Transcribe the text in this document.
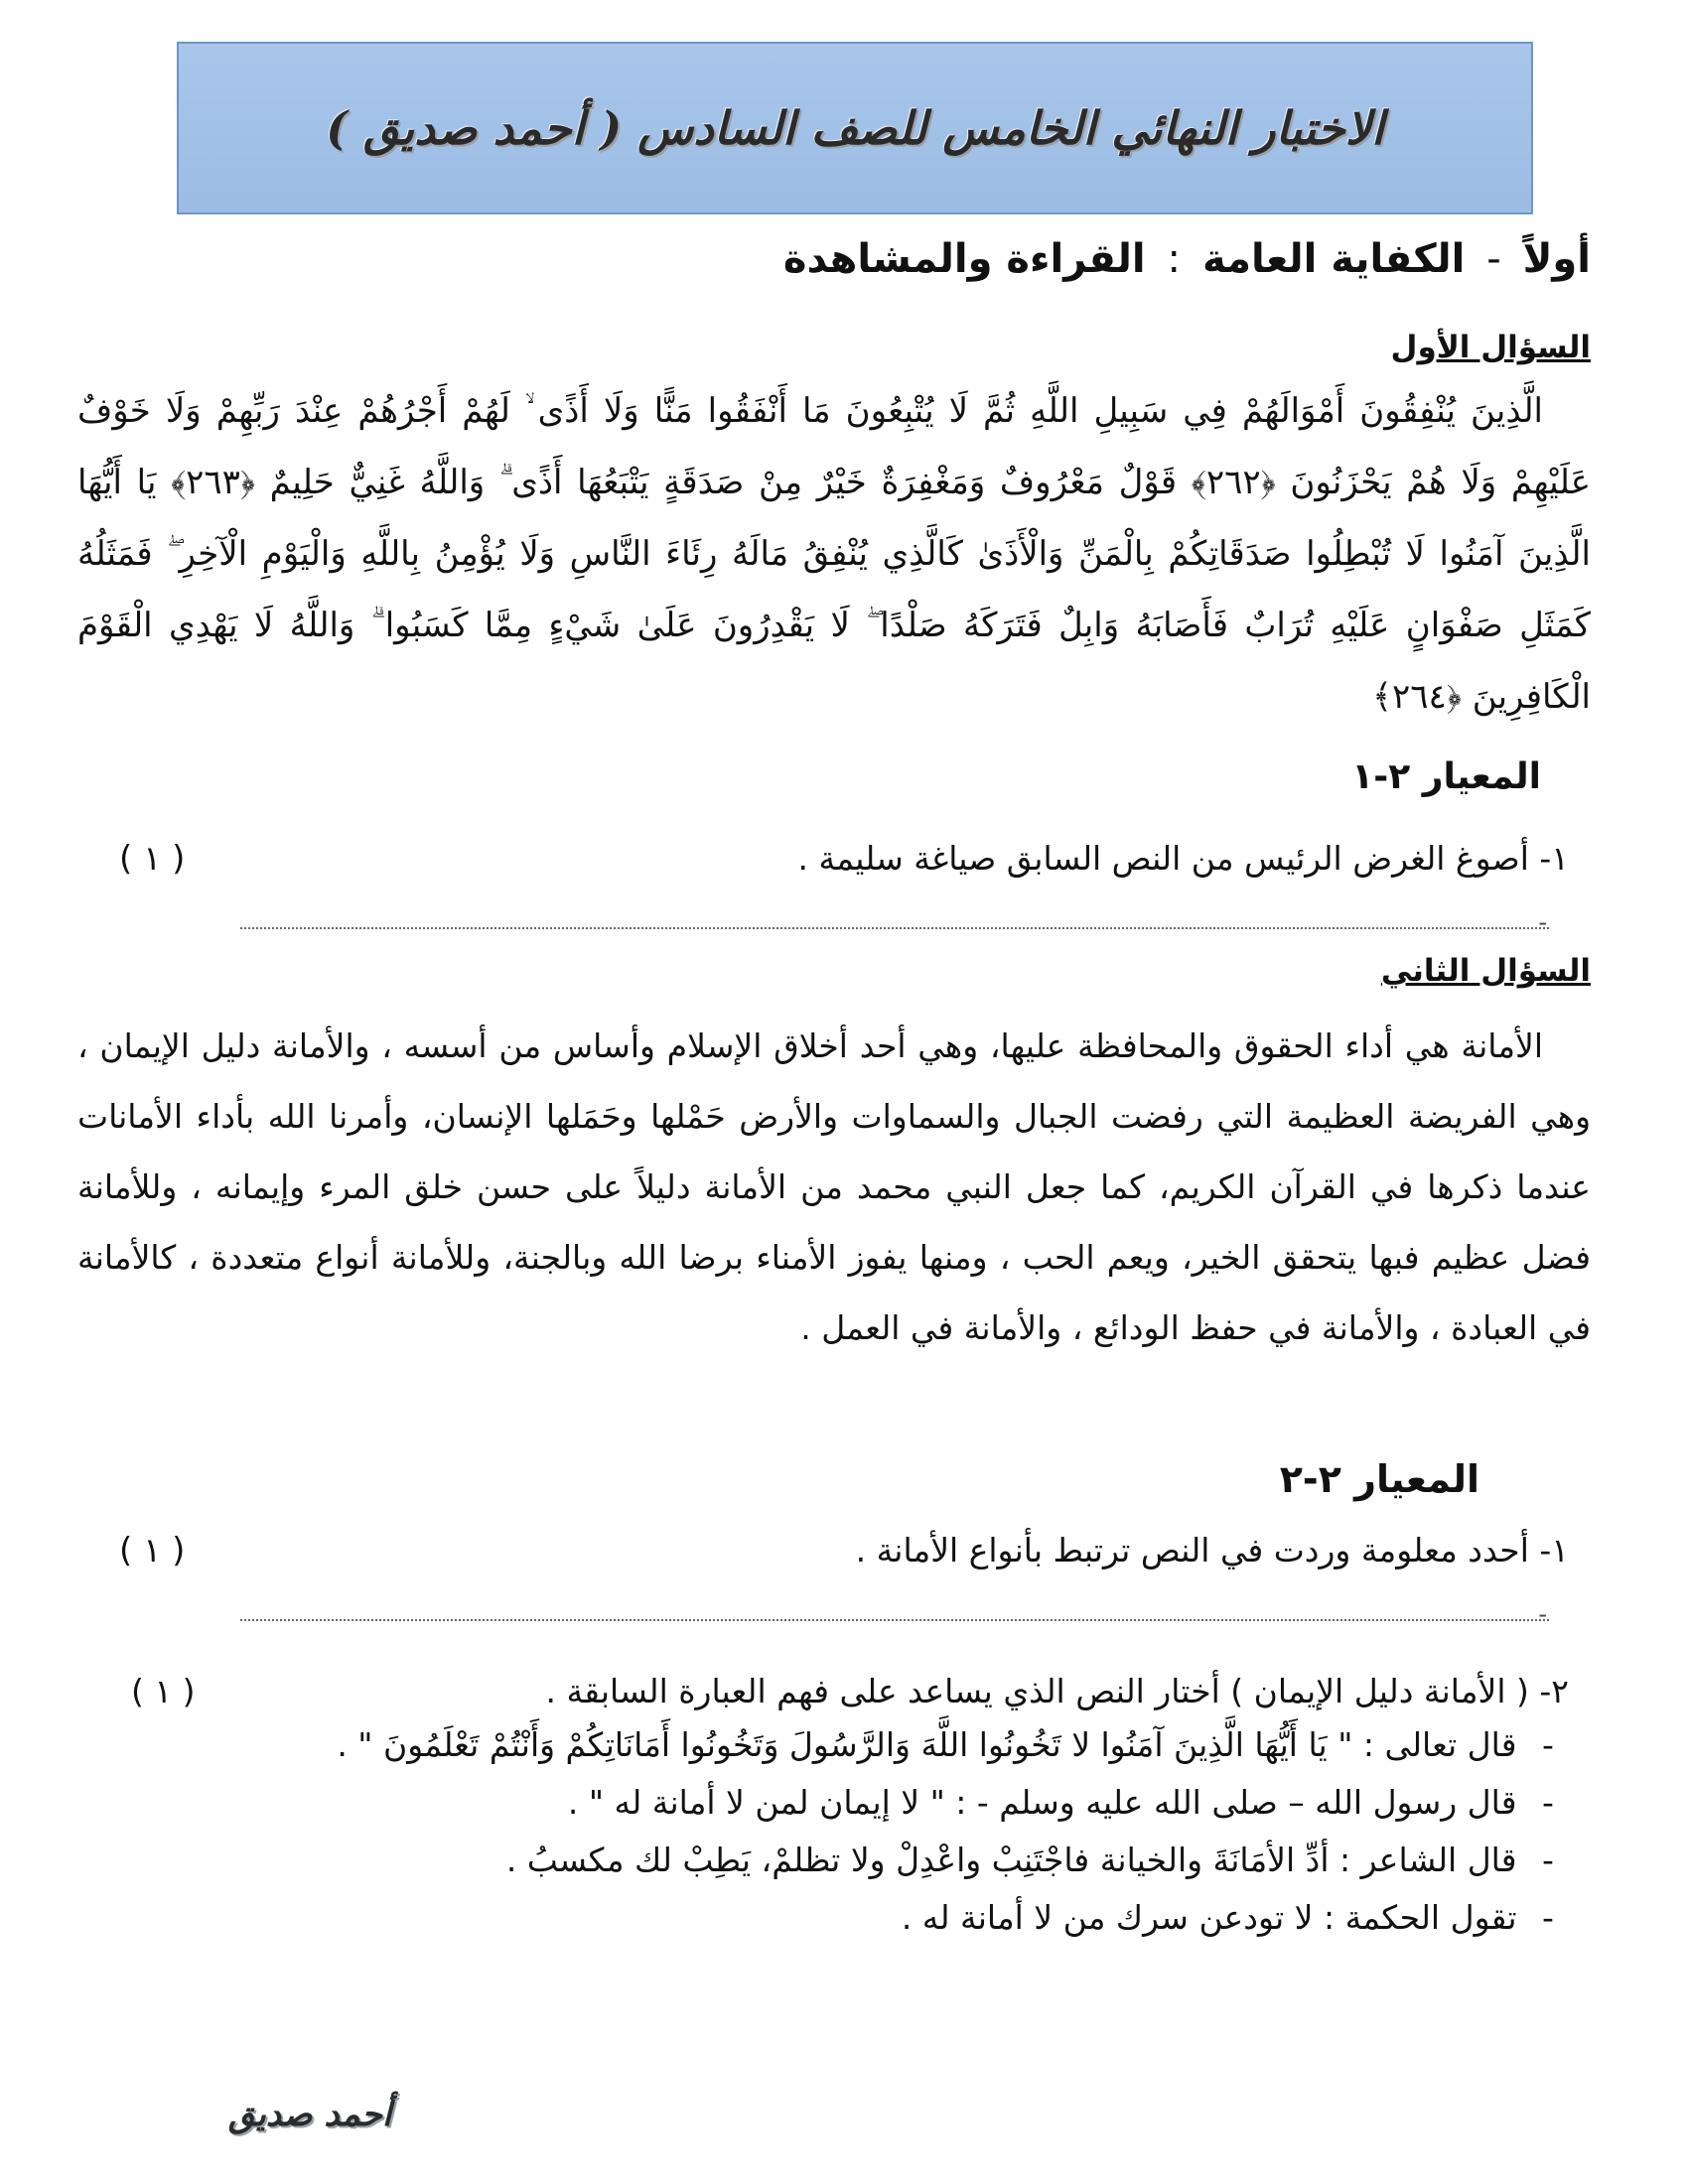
الاختبار النهائي الخامس للصف السادس ( أحمد صديق )
أولاً - الكفاية العامة : القراءة والمشاهدة
السؤال الأول
الَّذِينَ يُنْفِقُونَ أَمْوَالَهُمْ فِي سَبِيلِ اللَّهِ ثُمَّ لَا يُتْبِعُونَ مَا أَنْفَقُوا مَنًّا وَلَا أَذًى ۙ لَهُمْ أَجْرُهُمْ عِنْدَ رَبِّهِمْ وَلَا خَوْفٌ عَلَيْهِمْ وَلَا هُمْ يَحْزَنُونَ ﴿٢٦٢﴾ قَوْلٌ مَعْرُوفٌ وَمَغْفِرَةٌ خَيْرٌ مِنْ صَدَقَةٍ يَتْبَعُهَا أَذًى ۗ وَاللَّهُ غَنِيٌّ حَلِيمٌ ﴿٢٦٣﴾ يَا أَيُّهَا الَّذِينَ آمَنُوا لَا تُبْطِلُوا صَدَقَاتِكُمْ بِالْمَنِّ وَالْأَذَىٰ كَالَّذِي يُنْفِقُ مَالَهُ رِئَاءَ النَّاسِ وَلَا يُؤْمِنُ بِاللَّهِ وَالْيَوْمِ الْآخِرِ ۖ فَمَثَلُهُ كَمَثَلِ صَفْوَانٍ عَلَيْهِ تُرَابٌ فَأَصَابَهُ وَابِلٌ فَتَرَكَهُ صَلْدًا ۖ لَا يَقْدِرُونَ عَلَىٰ شَيْءٍ مِمَّا كَسَبُوا ۗ وَاللَّهُ لَا يَهْدِي الْقَوْمَ الْكَافِرِينَ ﴿٢٦٤﴾
المعيار ٢-١
١- أصوغ الغرض الرئيس من النص السابق صياغة سليمة .
( ١ )
-
السؤال الثاني
الأمانة هي أداء الحقوق والمحافظة عليها، وهي أحد أخلاق الإسلام وأساس من أسسه ، والأمانة دليل الإيمان ، وهي الفريضة العظيمة التي رفضت الجبال والسماوات والأرض حَمْلها وحَمَلها الإنسان، وأمرنا الله بأداء الأمانات عندما ذكرها في القرآن الكريم، كما جعل النبي محمد من الأمانة دليلاً على حسن خلق المرء وإيمانه ، وللأمانة فضل عظيم فبها يتحقق الخير، ويعم الحب ، ومنها يفوز الأمناء برضا الله وبالجنة، وللأمانة أنواع متعددة ، كالأمانة في العبادة ، والأمانة في حفظ الودائع ، والأمانة في العمل .
المعيار ٢-٢
١- أحدد معلومة وردت في النص ترتبط بأنواع الأمانة .
( ١ )
-
٢- ( الأمانة دليل الإيمان ) أختار النص الذي يساعد على فهم العبارة السابقة .
( ١ )
- قال تعالى : " يَا أَيُّهَا الَّذِينَ آمَنُوا لا تَخُونُوا اللَّهَ وَالرَّسُولَ وَتَخُونُوا أَمَانَاتِكُمْ وَأَنْتُمْ تَعْلَمُونَ " .
- قال رسول الله – صلى الله عليه وسلم - : " لا إيمان لمن لا أمانة له " .
- قال الشاعر : أدِّ الأمَانَةَ والخيانة فاجْتَنِبْ واعْدِلْ ولا تظلمْ، يَطِبْ لك مكسبُ .
- تقول الحكمة : لا تودعن سرك من لا أمانة له .
أحمد صديق
